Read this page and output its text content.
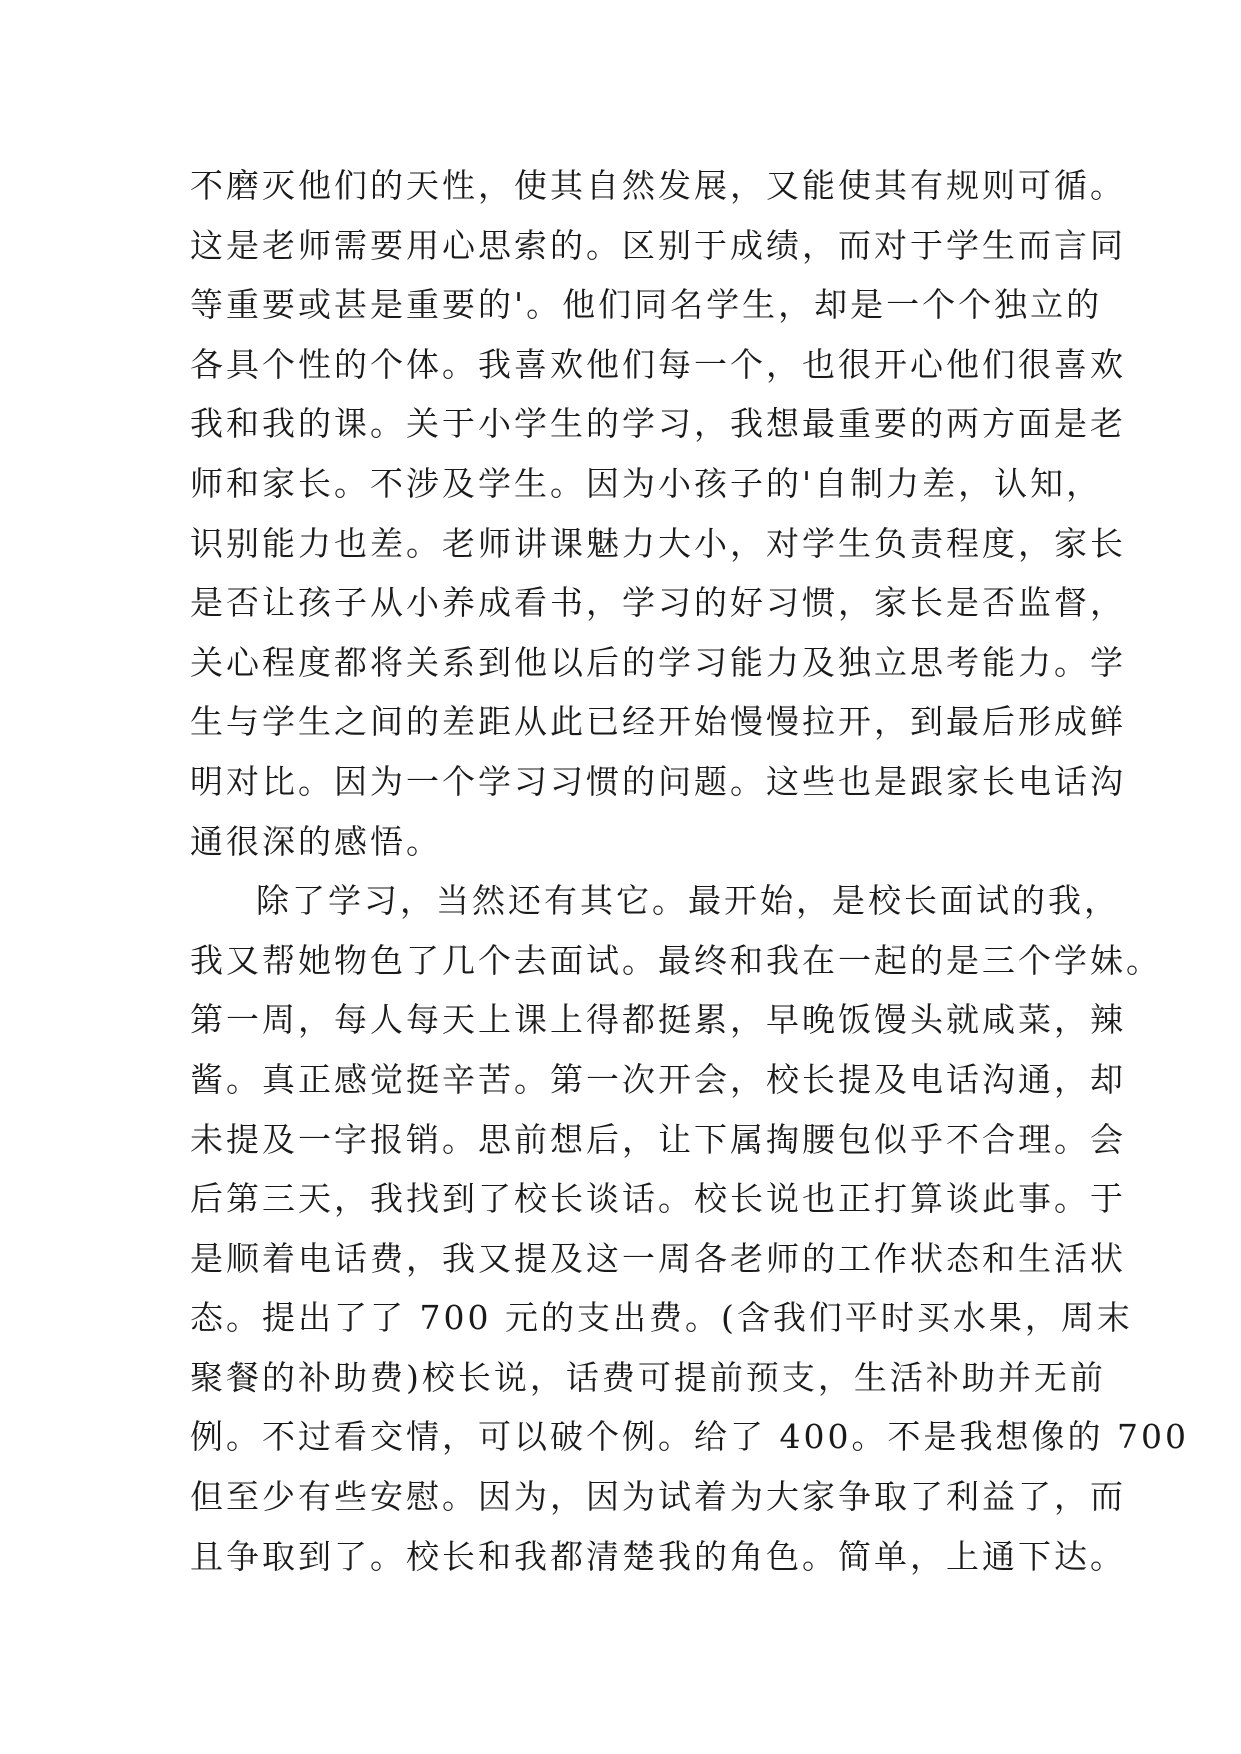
不磨灭他们的天性，使其自然发展，又能使其有规则可循。
这是老师需要用心思索的。区别于成绩，而对于学生而言同
等重要或甚是重要的'。他们同名学生，却是一个个独立的
各具个性的个体。我喜欢他们每一个，也很开心他们很喜欢
我和我的课。关于小学生的学习，我想最重要的两方面是老
师和家长。不涉及学生。因为小孩子的'自制力差，认知，
识别能力也差。老师讲课魅力大小，对学生负责程度，家长
是否让孩子从小养成看书，学习的好习惯，家长是否监督，
关心程度都将关系到他以后的学习能力及独立思考能力。学
生与学生之间的差距从此已经开始慢慢拉开，到最后形成鲜
明对比。因为一个学习习惯的问题。这些也是跟家长电话沟
通很深的感悟。
除了学习，当然还有其它。最开始，是校长面试的我，
我又帮她物色了几个去面试。最终和我在一起的是三个学妹。
第一周，每人每天上课上得都挺累，早晚饭馒头就咸菜，辣
酱。真正感觉挺辛苦。第一次开会，校长提及电话沟通，却
未提及一字报销。思前想后，让下属掏腰包似乎不合理。会
后第三天，我找到了校长谈话。校长说也正打算谈此事。于
是顺着电话费，我又提及这一周各老师的工作状态和生活状
态。提出了了 700 元的支出费。(含我们平时买水果，周末
聚餐的补助费)校长说，话费可提前预支，生活补助并无前
例。不过看交情，可以破个例。给了 400。不是我想像的 700
但至少有些安慰。因为，因为试着为大家争取了利益了，而
且争取到了。校长和我都清楚我的角色。简单，上通下达。
